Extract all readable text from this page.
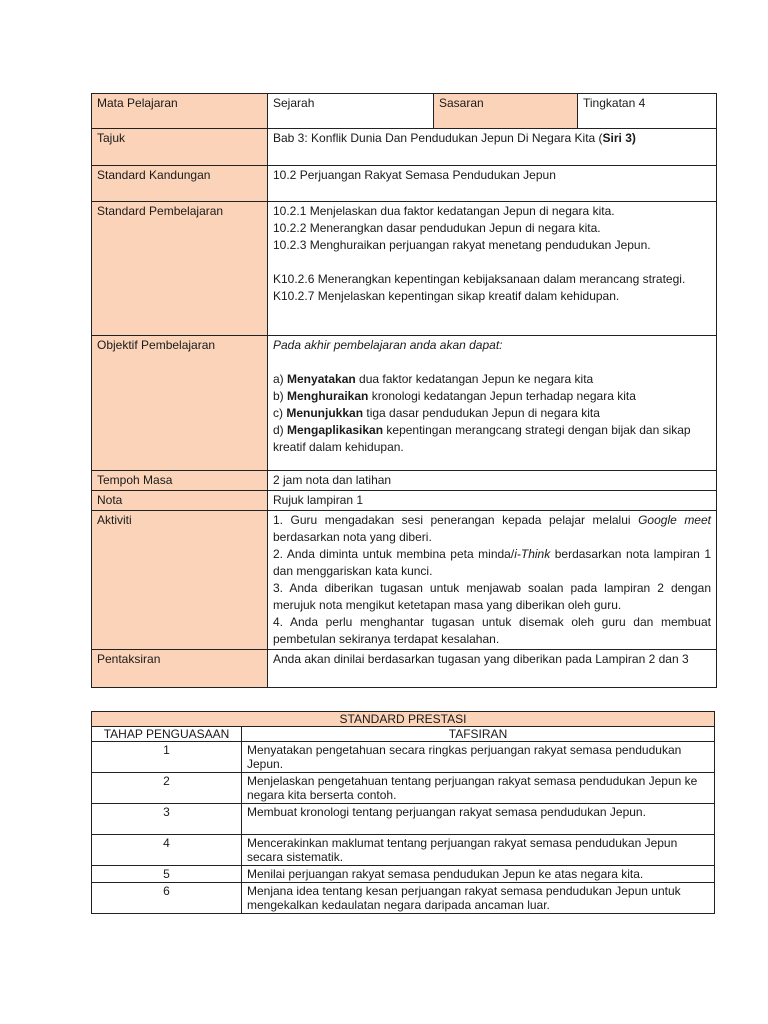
Mata Pelajaran	Sejarah	Sasaran	Tingkatan 4
Tajuk	Bab 3: Konflik Dunia Dan Pendudukan Jepun Di Negara Kita (Siri 3)		
Standard Kandungan	10.2 Perjuangan Rakyat Semasa Pendudukan Jepun		
Standard Pembelajaran	10.2.1 Menjelaskan dua faktor kedatangan Jepun di negara kita.
10.2.2 Menerangkan dasar pendudukan Jepun di negara kita.
10.2.3 Menghuraikan perjuangan rakyat menetang pendudukan Jepun.
K10.2.6 Menerangkan kepentingan kebijaksanaan dalam merancang strategi.
K10.2.7 Menjelaskan kepentingan sikap kreatif dalam kehidupan.		

Objektif Pembelajaran	Pada akhir pembelajaran anda akan dapat:
a) Menyatakan dua faktor kedatangan Jepun ke negara kita
b) Menghuraikan kronologi kedatangan Jepun terhadap negara kita
c) Menunjukkan tiga dasar pendudukan Jepun di negara kita
d) Mengaplikasikan kepentingan merangcang strategi dengan bijak dan sikap kreatif dalam kehidupan.		

Tempoh Masa	2 jam nota dan latihan		
Nota	Rujuk lampiran 1		
Aktiviti	1. Guru mengadakan sesi penerangan kepada pelajar melalui Google meet berdasarkan nota yang diberi.
2. Anda diminta untuk membina peta minda/i-Think berdasarkan nota lampiran 1 dan menggariskan kata kunci.
3. Anda diberikan tugasan untuk menjawab soalan pada lampiran 2 dengan merujuk nota mengikut ketetapan masa yang diberikan oleh guru.
4. Anda perlu menghantar tugasan untuk disemak oleh guru dan membuat pembetulan sekiranya terdapat kesalahan.		

Pentaksiran	Anda akan dinilai berdasarkan tugasan yang diberikan pada Lampiran 2 dan 3		
STANDARD PRESTASI	
TAHAP PENGUASAAN	TAFSIRAN
1	Menyatakan pengetahuan secara ringkas perjuangan rakyat semasa pendudukan Jepun.
2	Menjelaskan pengetahuan tentang perjuangan rakyat semasa pendudukan Jepun ke negara kita berserta contoh.
3	Membuat kronologi tentang perjuangan rakyat semasa pendudukan Jepun.
4	Mencerakinkan maklumat tentang perjuangan rakyat semasa pendudukan Jepun secara sistematik.
5	Menilai perjuangan rakyat semasa pendudukan Jepun ke atas negara kita.
6	Menjana idea tentang kesan perjuangan rakyat semasa pendudukan Jepun untuk mengekalkan kedaulatan negara daripada ancaman luar.
